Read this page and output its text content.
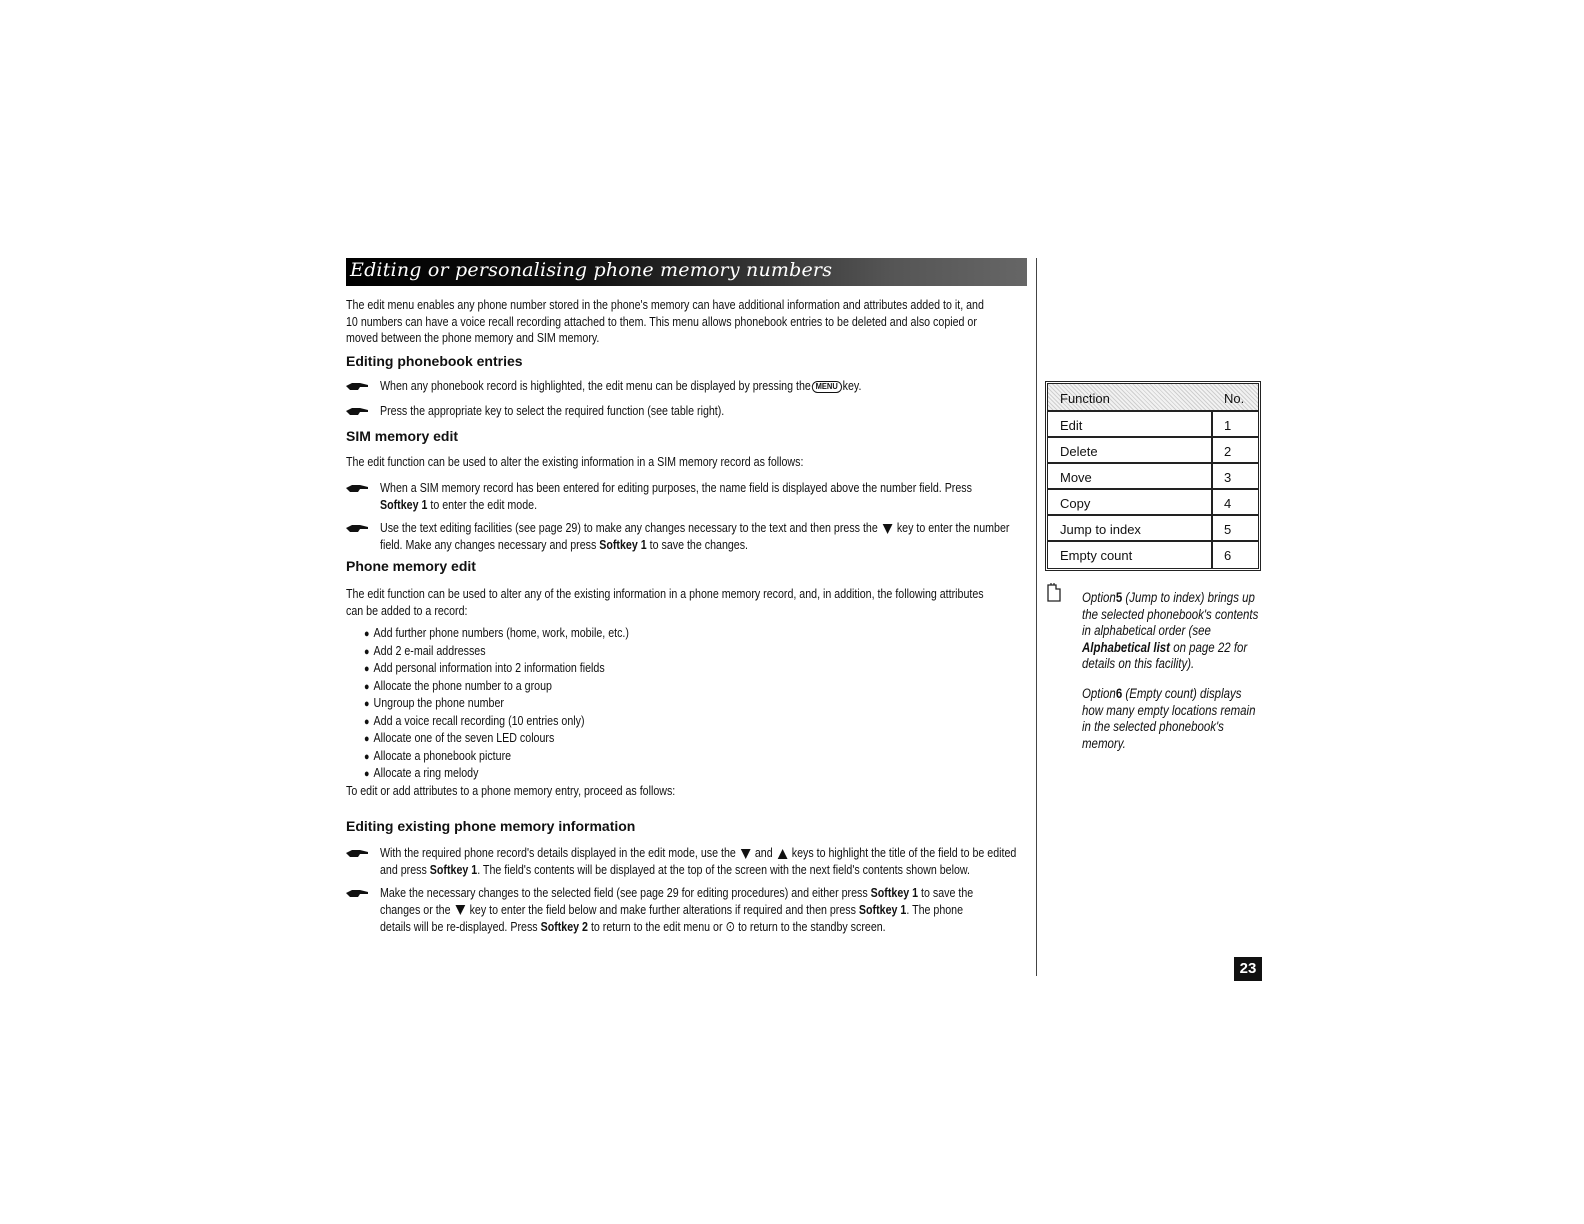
Editing or personalising phone memory numbers
The edit menu enables any phone number stored in the phone's memory can have additional information and attributes added to it, and
10 numbers can have a voice recall recording attached to them. This menu allows phonebook entries to be deleted and also copied or
moved between the phone memory and SIM memory.
Editing phonebook entries
When any phonebook record is highlighted, the edit menu can be displayed by pressing the MENU key.
Press the appropriate key to select the required function (see table right).
SIM memory edit
The edit function can be used to alter the existing information in a SIM memory record as follows:
When a SIM memory record has been entered for editing purposes, the name field is displayed above the number field. Press
Softkey 1 to enter the edit mode.
Use the text editing facilities (see page 29) to make any changes necessary to the text and then press the key to enter the number
field. Make any changes necessary and press Softkey 1 to save the changes.
Phone memory edit
The edit function can be used to alter any of the existing information in a phone memory record, and, in addition, the following attributes
can be added to a record:
● Add further phone numbers (home, work, mobile, etc.)
● Add 2 e-mail addresses
● Add personal information into 2 information fields
● Allocate the phone number to a group
● Ungroup the phone number
● Add a voice recall recording (10 entries only)
● Allocate one of the seven LED colours
● Allocate a phonebook picture
● Allocate a ring melody
To edit or add attributes to a phone memory entry, proceed as follows:
Editing existing phone memory information
With the required phone record's details displayed in the edit mode, use the and keys to highlight the title of the field to be edited
and press Softkey 1. The field's contents will be displayed at the top of the screen with the next field's contents shown below.
Make the necessary changes to the selected field (see page 29 for editing procedures) and either press Softkey 1 to save the
changes or the key to enter the field below and make further alterations if required and then press Softkey 1. The phone
details will be re-displayed. Press Softkey 2 to return to the edit menu or ⊙ to return to the standby screen.
Function	No.
Edit	1
Delete	2
Move	3
Copy	4
Jump to index	5
Empty count	6
Option5 (Jump to index) brings up
the selected phonebook's contents
in alphabetical order (see
Alphabetical list on page 22 for
details on this facility).
Option6 (Empty count) displays
how many empty locations remain
in the selected phonebook's
memory.
23
